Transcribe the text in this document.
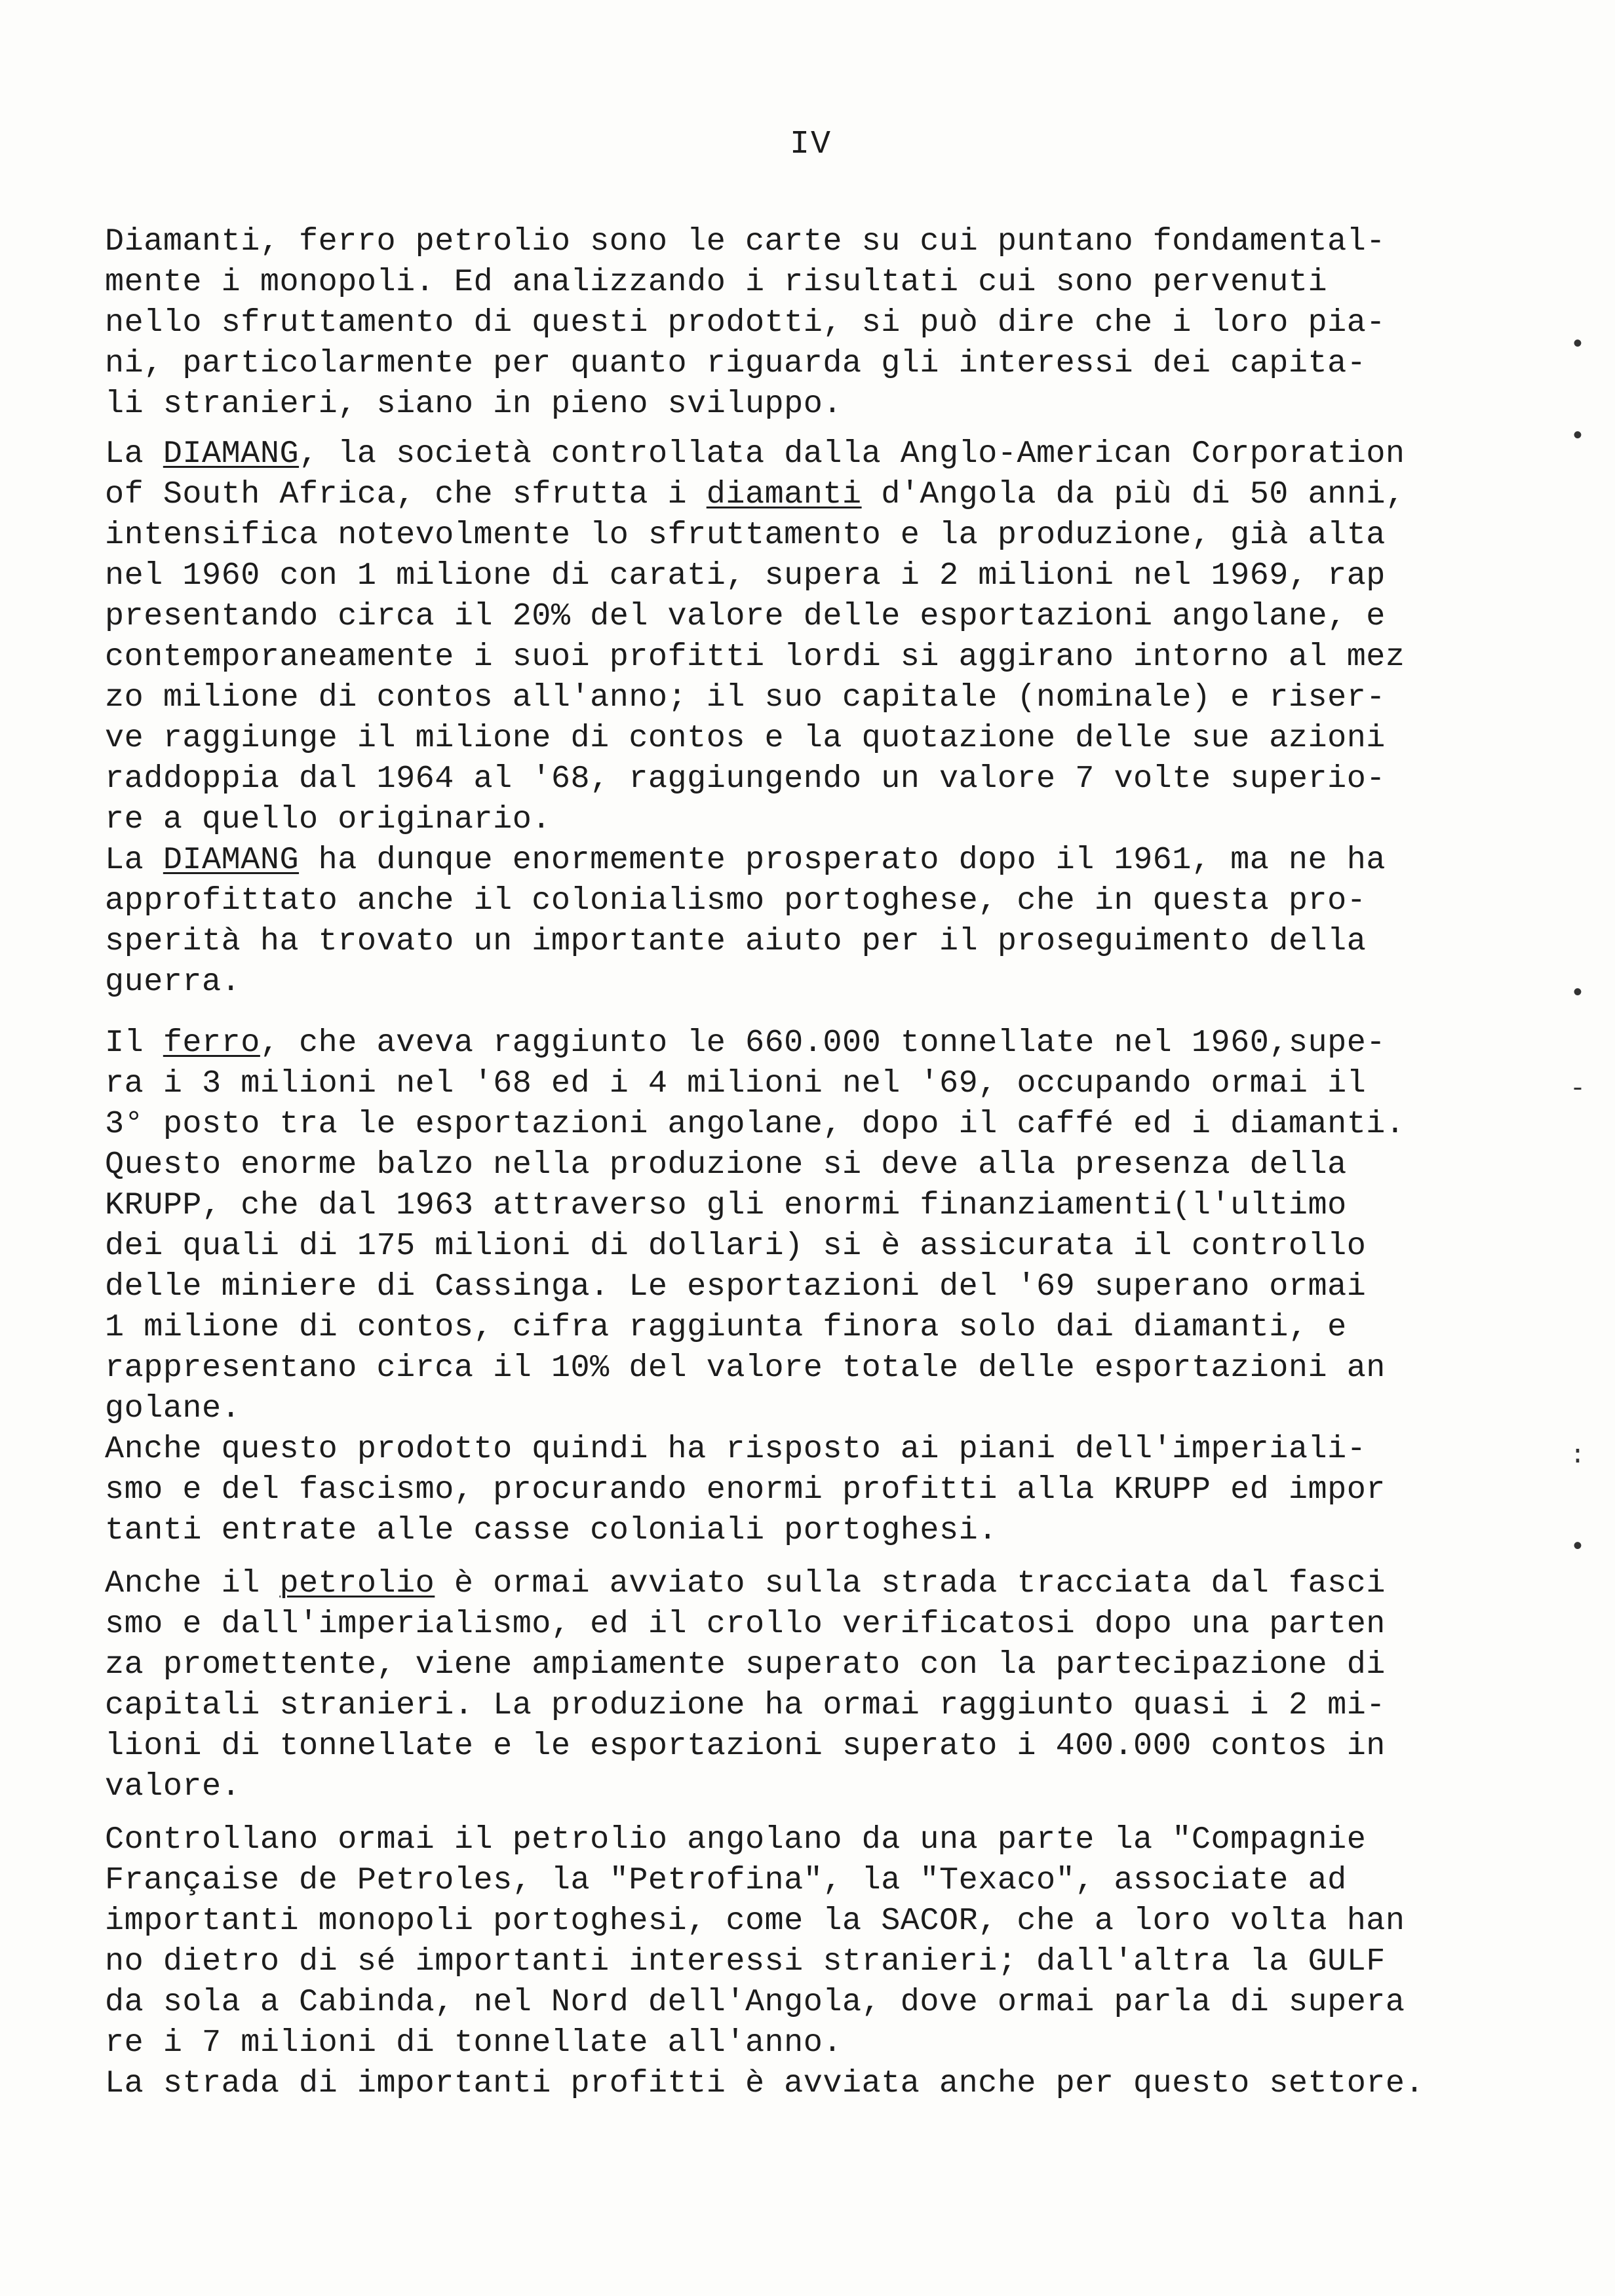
IV
Diamanti, ferro petrolio sono le carte su cui puntano fondamental-
mente i monopoli. Ed analizzando i risultati cui sono pervenuti
nello sfruttamento di questi prodotti, si può dire che i loro pia-
ni, particolarmente per quanto riguarda gli interessi dei capita-
li stranieri, siano in pieno sviluppo.
La DIAMANG, la società controllata dalla Anglo-American Corporation
of South Africa, che sfrutta i diamanti d'Angola da più di 50 anni,
intensifica notevolmente lo sfruttamento e la produzione, già alta
nel 1960 con 1 milione di carati, supera i 2 milioni nel 1969, rap
presentando circa il 20% del valore delle esportazioni angolane, e
contemporaneamente i suoi profitti lordi si aggirano intorno al mez
zo milione di contos all'anno; il suo capitale (nominale) e riser-
ve raggiunge il milione di contos e la quotazione delle sue azioni
raddoppia dal 1964 al '68, raggiungendo un valore 7 volte superio-
re a quello originario.
La DIAMANG ha dunque enormemente prosperato dopo il 1961, ma ne ha
approfittato anche il colonialismo portoghese, che in questa pro-
sperità ha trovato un importante aiuto per il proseguimento della
guerra.
Il ferro, che aveva raggiunto le 660.000 tonnellate nel 1960,supe-
ra i 3 milioni nel '68 ed i 4 milioni nel '69, occupando ormai il
3° posto tra le esportazioni angolane, dopo il caffé ed i diamanti.
Questo enorme balzo nella produzione si deve alla presenza della
KRUPP, che dal 1963 attraverso gli enormi finanziamenti(l'ultimo
dei quali di 175 milioni di dollari) si è assicurata il controllo
delle miniere di Cassinga. Le esportazioni del '69 superano ormai
1 milione di contos, cifra raggiunta finora solo dai diamanti, e
rappresentano circa il 10% del valore totale delle esportazioni an
golane.
Anche questo prodotto quindi ha risposto ai piani dell'imperiali-
smo e del fascismo, procurando enormi profitti alla KRUPP ed impor
tanti entrate alle casse coloniali portoghesi.
Anche il petrolio è ormai avviato sulla strada tracciata dal fasci
smo e dall'imperialismo, ed il crollo verificatosi dopo una parten
za promettente, viene ampiamente superato con la partecipazione di
capitali stranieri. La produzione ha ormai raggiunto quasi i 2 mi-
lioni di tonnellate e le esportazioni superato i 400.000 contos in
valore.
Controllano ormai il petrolio angolano da una parte la "Compagnie
Française de Petroles, la "Petrofina", la "Texaco", associate ad
importanti monopoli portoghesi, come la SACOR, che a loro volta han
no dietro di sé importanti interessi stranieri; dall'altra la GULF
da sola a Cabinda, nel Nord dell'Angola, dove ormai parla di supera
re i 7 milioni di tonnellate all'anno.
La strada di importanti profitti è avviata anche per questo settore.
•
•
•
-
:
•
